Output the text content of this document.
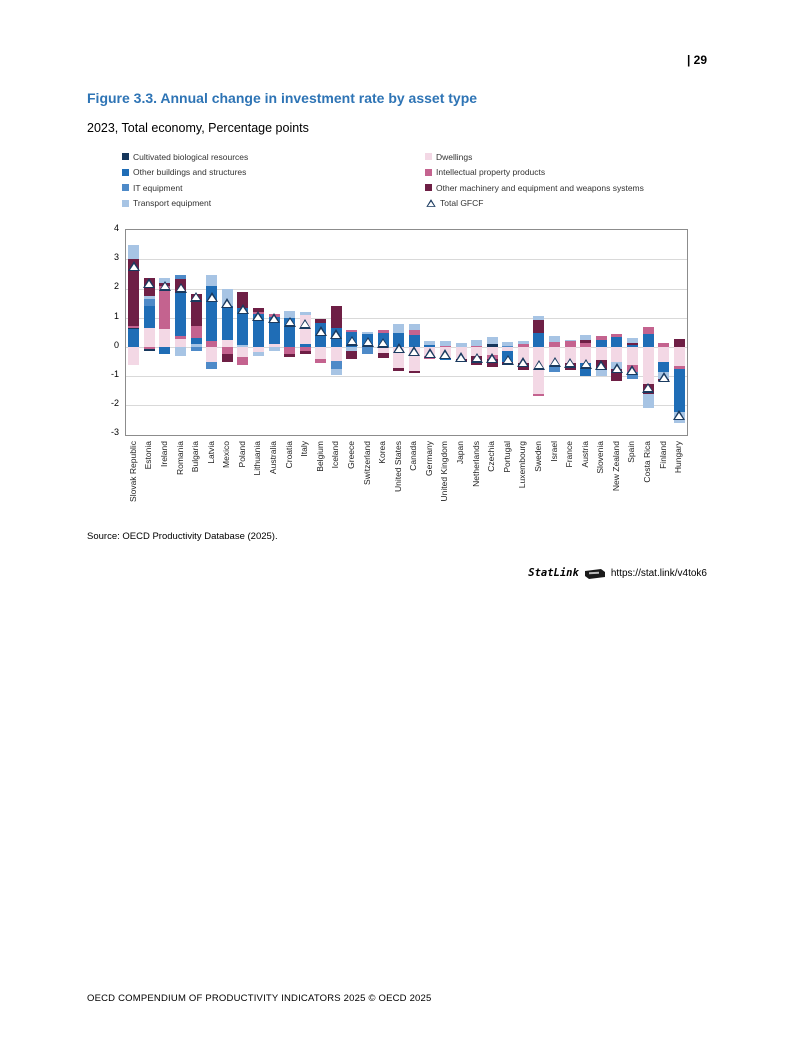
| 29
Figure 3.3. Annual change in investment rate by asset type
2023, Total economy, Percentage points
Cultivated biological resources
Other buildings and structures
IT equipment
Transport equipment
Dwellings
Intellectual property products
Other machinery and equipment and weapons systems
Total GFCF
4
3
2
1
0
-1
-2
-3
Slovak Republic Estonia Ireland Romania Bulgaria Latvia Mexico Poland Lithuania Australia Croatia Italy Belgium Iceland Greece Switzerland Korea United States Canada Germany United Kingdom Japan Netherlands Czechia Portugal Luxembourg Sweden Israel France Austria Slovenia New Zealand Spain Costa Rica Finland Hungary
Source: OECD Productivity Database (2025).
StatLink	https://stat.link/v4tok6
OECD COMPENDIUM OF PRODUCTIVITY INDICATORS 2025 © OECD 2025
